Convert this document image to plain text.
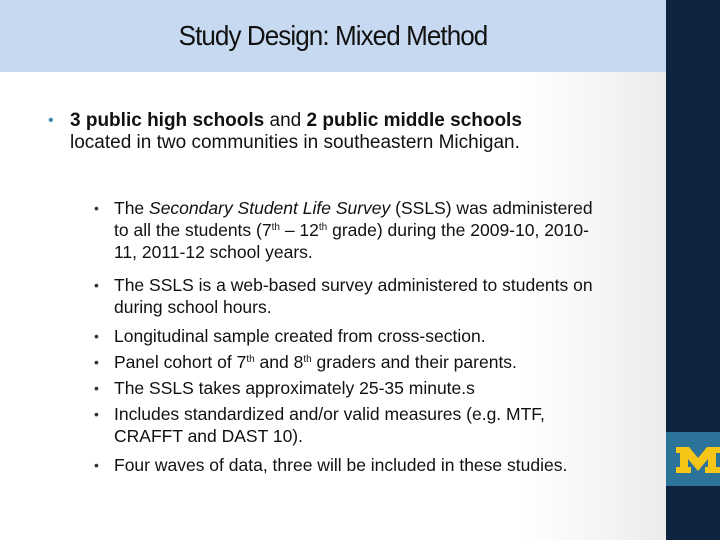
Study Design: Mixed Method
• 3 public high schools and 2 public middle schools
located in two communities in southeastern Michigan.
• The Secondary Student Life Survey (SSLS) was administered
to all the students (7th – 12th grade) during the 2009-10, 2010-
11, 2011-12 school years.
• The SSLS is a web-based survey administered to students on
during school hours.
• Longitudinal sample created from cross-section.
• Panel cohort of 7th and 8th graders and their parents.
• The SSLS takes approximately 25-35 minute.s
• Includes standardized and/or valid measures (e.g. MTF,
CRAFFT and DAST 10).
• Four waves of data, three will be included in these studies.
